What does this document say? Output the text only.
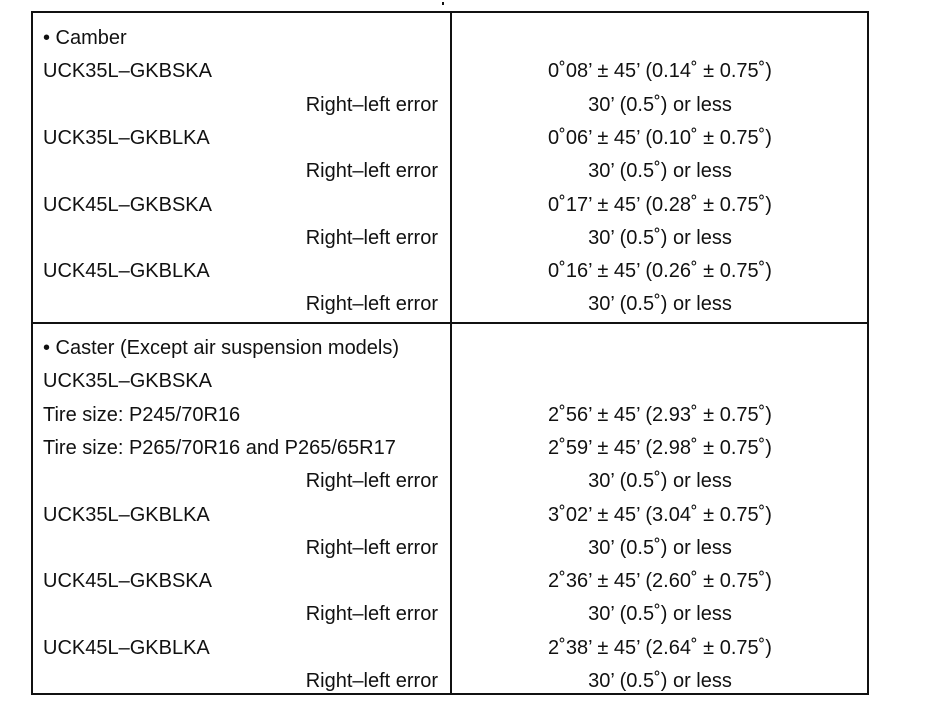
• Camber
UCK35L–GKBSKA	0˚08’ ± 45’ (0.14˚ ± 0.75˚)
Right–left error	30’ (0.5˚) or less
UCK35L–GKBLKA	0˚06’ ± 45’ (0.10˚ ± 0.75˚)
Right–left error	30’ (0.5˚) or less
UCK45L–GKBSKA	0˚17’ ± 45’ (0.28˚ ± 0.75˚)
Right–left error	30’ (0.5˚) or less
UCK45L–GKBLKA	0˚16’ ± 45’ (0.26˚ ± 0.75˚)
Right–left error	30’ (0.5˚) or less
• Caster (Except air suspension models)
UCK35L–GKBSKA
Tire size: P245/70R16	2˚56’ ± 45’ (2.93˚ ± 0.75˚)
Tire size: P265/70R16 and P265/65R17	2˚59’ ± 45’ (2.98˚ ± 0.75˚)
Right–left error	30’ (0.5˚) or less
UCK35L–GKBLKA	3˚02’ ± 45’ (3.04˚ ± 0.75˚)
Right–left error	30’ (0.5˚) or less
UCK45L–GKBSKA	2˚36’ ± 45’ (2.60˚ ± 0.75˚)
Right–left error	30’ (0.5˚) or less
UCK45L–GKBLKA	2˚38’ ± 45’ (2.64˚ ± 0.75˚)
Right–left error	30’ (0.5˚) or less
